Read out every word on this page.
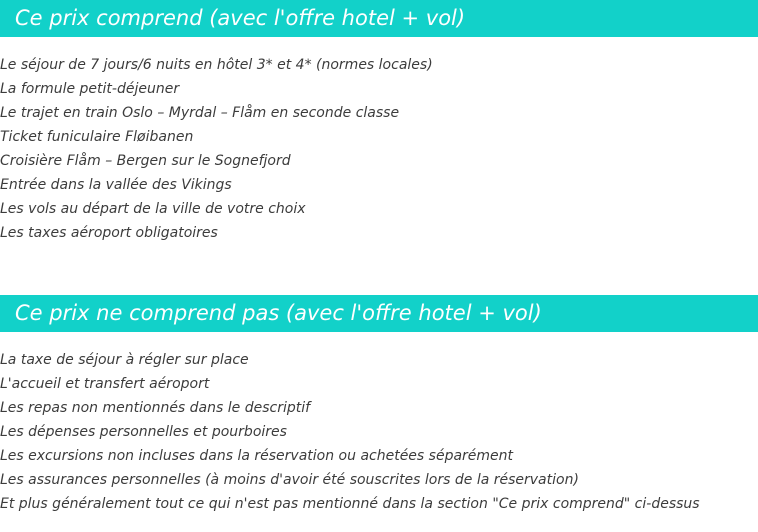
Ce prix comprend (avec l'offre hotel + vol)
Le séjour de 7 jours/6 nuits en hôtel 3* et 4* (normes locales)
La formule petit-déjeuner
Le trajet en train Oslo – Myrdal – Flåm en seconde classe
Ticket funiculaire Fløibanen
Croisière Flåm – Bergen sur le Sognefjord
Entrée dans la vallée des Vikings
Les vols au départ de la ville de votre choix
Les taxes aéroport obligatoires
Ce prix ne comprend pas (avec l'offre hotel + vol)
La taxe de séjour à régler sur place
L'accueil et transfert aéroport
Les repas non mentionnés dans le descriptif
Les dépenses personnelles et pourboires
Les excursions non incluses dans la réservation ou achetées séparément
Les assurances personnelles (à moins d'avoir été souscrites lors de la réservation)
Et plus généralement tout ce qui n'est pas mentionné dans la section "Ce prix comprend" ci-dessus
